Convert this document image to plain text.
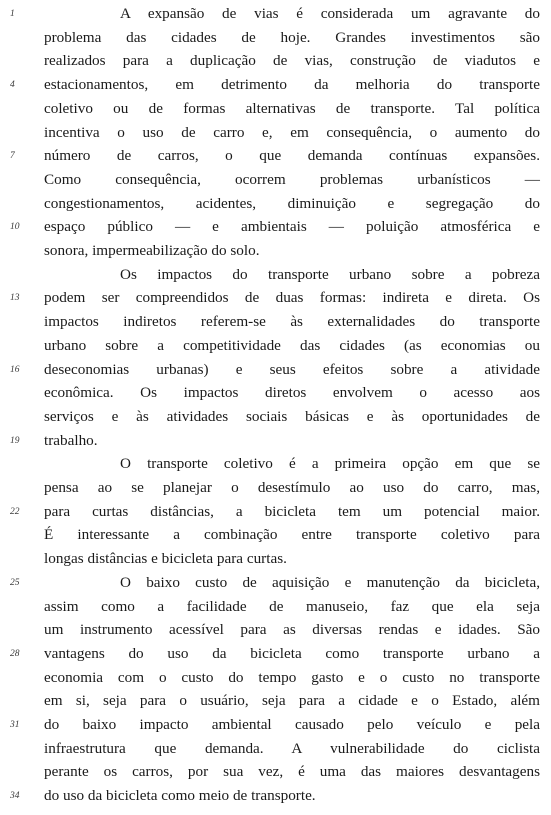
1
4
7
10
13
16
19
22
25
28
31
34
A expansão de vias é considerada um agravante do
problema das cidades de hoje. Grandes investimentos são
realizados para a duplicação de vias, construção de viadutos e
estacionamentos, em detrimento da melhoria do transporte
coletivo ou de formas alternativas de transporte. Tal política
incentiva o uso de carro e, em consequência, o aumento do
número de carros, o que demanda contínuas expansões.
Como consequência, ocorrem problemas urbanísticos —
congestionamentos, acidentes, diminuição e segregação do
espaço público — e ambientais — poluição atmosférica e
sonora, impermeabilização do solo.
Os impactos do transporte urbano sobre a pobreza
podem ser compreendidos de duas formas: indireta e direta. Os
impactos indiretos referem-se às externalidades do transporte
urbano sobre a competitividade das cidades (as economias ou
deseconomias urbanas) e seus efeitos sobre a atividade
econômica. Os impactos diretos envolvem o acesso aos
serviços e às atividades sociais básicas e às oportunidades de
trabalho.
O transporte coletivo é a primeira opção em que se
pensa ao se planejar o desestímulo ao uso do carro, mas,
para curtas distâncias, a bicicleta tem um potencial maior.
É interessante a combinação entre transporte coletivo para
longas distâncias e bicicleta para curtas.
O baixo custo de aquisição e manutenção da bicicleta,
assim como a facilidade de manuseio, faz que ela seja
um instrumento acessível para as diversas rendas e idades. São
vantagens do uso da bicicleta como transporte urbano a
economia com o custo do tempo gasto e o custo no transporte
em si, seja para o usuário, seja para a cidade e o Estado, além
do baixo impacto ambiental causado pelo veículo e pela
infraestrutura que demanda. A vulnerabilidade do ciclista
perante os carros, por sua vez, é uma das maiores desvantagens
do uso da bicicleta como meio de transporte.
